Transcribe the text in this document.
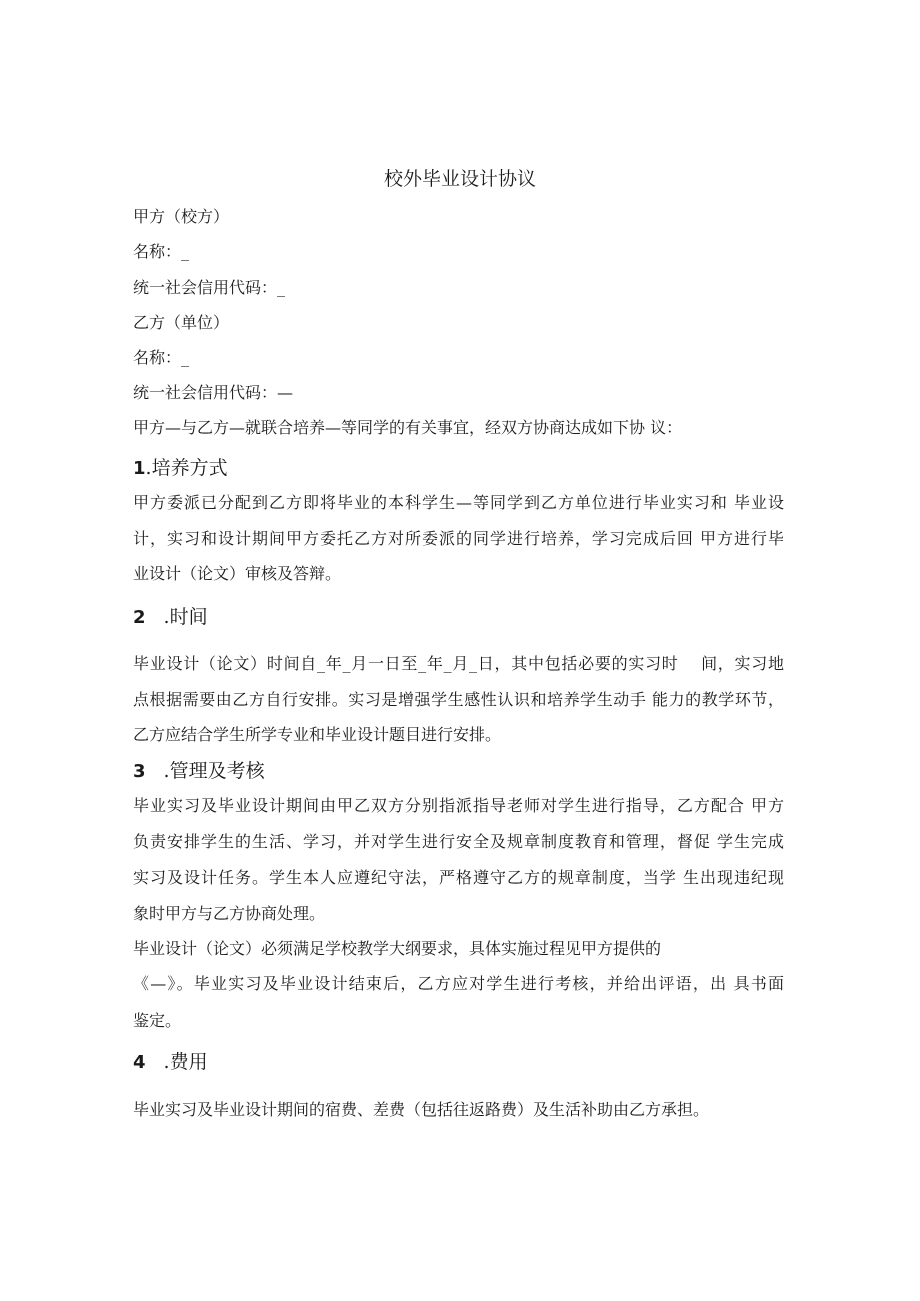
校外毕业设计协议
甲方（校方）
名称：_
统一社会信用代码：_
乙方（单位）
名称：_
统一社会信用代码：—
甲方—与乙方—就联合培养—等同学的有关事宜，经双方协商达成如下协 议：
1.培养方式
甲方委派已分配到乙方即将毕业的本科学生—等同学到乙方单位进行毕业实习和 毕业设
计，实习和设计期间甲方委托乙方对所委派的同学进行培养，学习完成后回 甲方进行毕
业设计（论文）审核及答辩。
2 .时间
毕业设计（论文）时间自_年_月一日至_年_月_日，其中包括必要的实习时 　间，实习地
点根据需要由乙方自行安排。实习是增强学生感性认识和培养学生动手 能力的教学环节，
乙方应结合学生所学专业和毕业设计题目进行安排。
3 .管理及考核
毕业实习及毕业设计期间由甲乙双方分别指派指导老师对学生进行指导，乙方配合 甲方
负责安排学生的生活、学习，并对学生进行安全及规章制度教育和管理，督促 学生完成
实习及设计任务。学生本人应遵纪守法，严格遵守乙方的规章制度，当学 生出现违纪现
象时甲方与乙方协商处理。
毕业设计（论文）必须满足学校教学大纲要求，具体实施过程见甲方提供的
《—》。毕业实习及毕业设计结束后，乙方应对学生进行考核，并给出评语，出 具书面
鉴定。
4 .费用
毕业实习及毕业设计期间的宿费、差费（包括往返路费）及生活补助由乙方承担。
